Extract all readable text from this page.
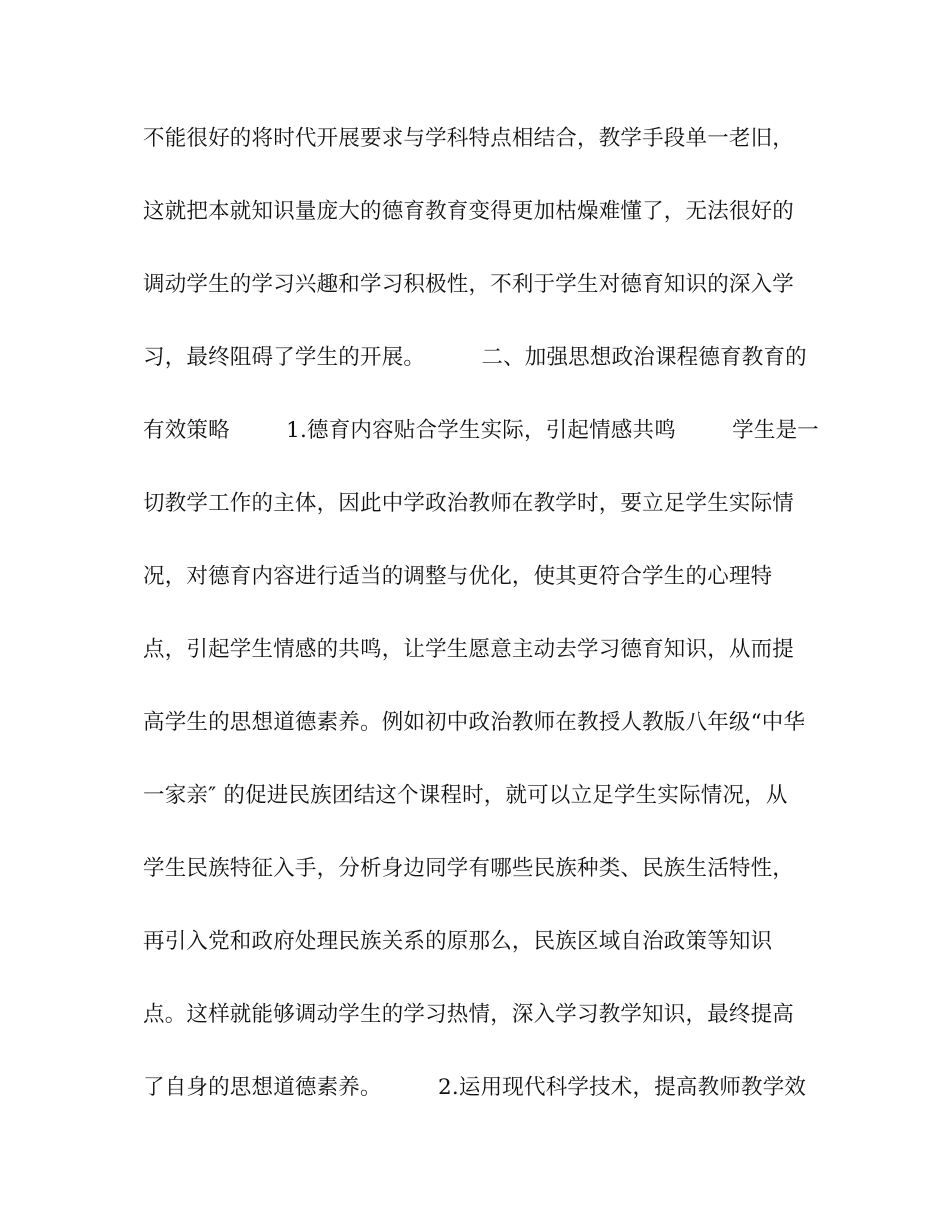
不能很好的将时代开展要求与学科特点相结合，教学手段单一老旧，
这就把本就知识量庞大的德育教育变得更加枯燥难懂了，无法很好的
调动学生的学习兴趣和学习积极性，不利于学生对德育知识的深入学
习，最终阻碍了学生的开展。        二、加强思想政治课程德育教育的
有效策略        1.德育内容贴合学生实际，引起情感共鸣        学生是一
切教学工作的主体，因此中学政治教师在教学时，要立足学生实际情
况，对德育内容进行适当的调整与优化，使其更符合学生的心理特
点，引起学生情感的共鸣，让学生愿意主动去学习德育知识，从而提
高学生的思想道德素养。例如初中政治教师在教授人教版八年级“中华
一家亲″ 的促进民族团结这个课程时，就可以立足学生实际情况，从
学生民族特征入手，分析身边同学有哪些民族种类、民族生活特性，
再引入党和政府处理民族关系的原那么，民族区域自治政策等知识
点。这样就能够调动学生的学习热情，深入学习教学知识，最终提高
了自身的思想道德素养。        2.运用现代科学技术，提高教师教学效
